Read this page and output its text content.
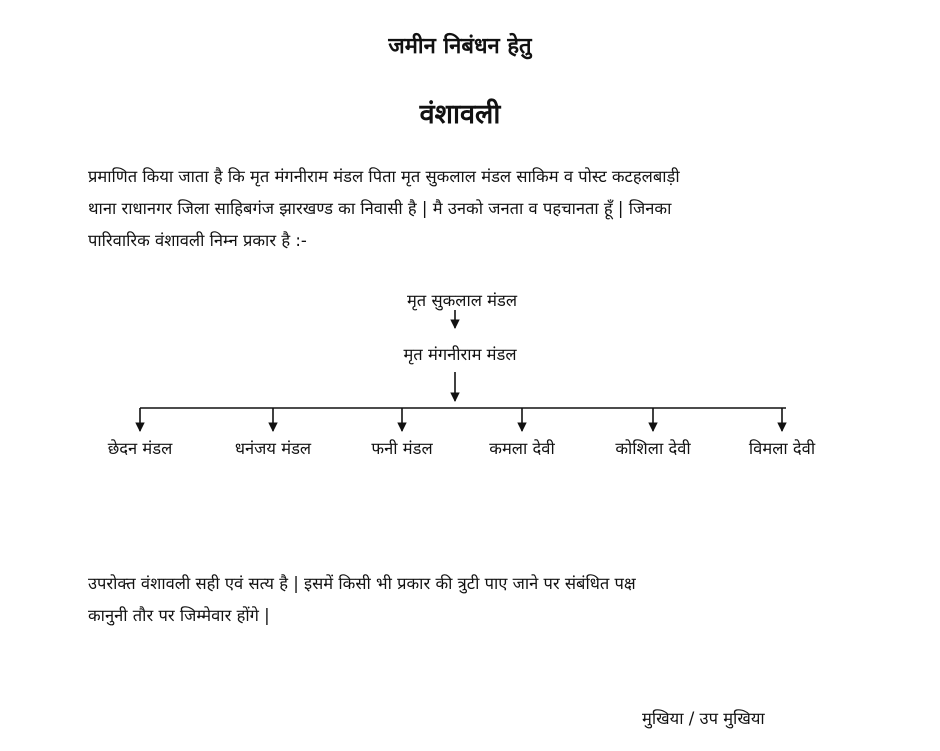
जमीन निबंधन हेतु
वंशावली
प्रमाणित किया जाता है कि मृत मंगनीराम मंडल पिता मृत सुकलाल मंडल साकिम व पोस्ट कटहलबाड़ी
थाना राधानगर जिला साहिबगंज झारखण्ड का निवासी है | मै उनको जनता व पहचानता हूँ | जिनका
पारिवारिक वंशावली निम्न प्रकार है :-
मृत सुकलाल मंडल
मृत मंगनीराम मंडल
छेदन मंडल	धनंजय मंडल	फनी मंडल	कमला देवी	कोशिला देवी	विमला देवी
उपरोक्त वंशावली सही एवं सत्य है | इसमें किसी भी प्रकार की त्रुटी पाए जाने पर संबंधित पक्ष
कानुनी तौर पर जिम्मेवार होंगे |
मुखिया / उप मुखिया
